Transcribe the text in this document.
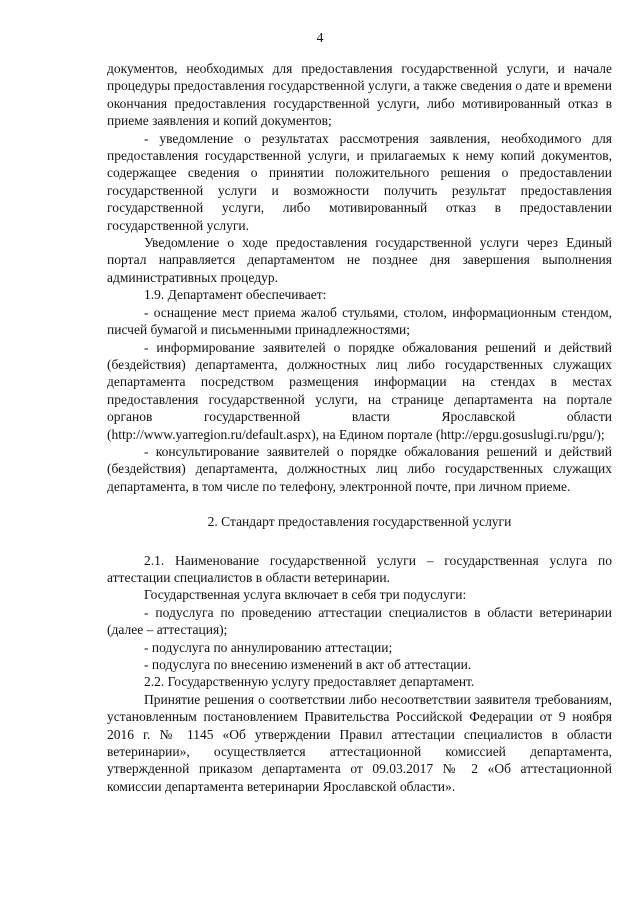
4

документов, необходимых для предоставления государственной услуги, и начале процедуры предоставления государственной услуги, а также сведения о дате и времени окончания предоставления государственной услуги, либо мотивированный отказ в приеме заявления и копий документов;

- уведомление о результатах рассмотрения заявления, необходимого для предоставления государственной услуги, и прилагаемых к нему копий документов, содержащее сведения о принятии положительного решения о предоставлении государственной услуги и возможности получить результат предоставления государственной услуги, либо мотивированный отказ в предоставлении государственной услуги.

Уведомление о ходе предоставления государственной услуги через Единый портал направляется департаментом не позднее дня завершения выполнения административных процедур.

1.9. Департамент обеспечивает:

- оснащение мест приема жалоб стульями, столом, информационным стендом, писчей бумагой и письменными принадлежностями;

- информирование заявителей о порядке обжалования решений и действий (бездействия) департамента, должностных лиц либо государственных служащих департамента посредством размещения информации на стендах в местах предоставления государственной услуги, на странице департамента на портале органов государственной власти Ярославской области (http://www.yarregion.ru/default.aspx), на Едином портале (http://epgu.gosuslugi.ru/pgu/);

- консультирование заявителей о порядке обжалования решений и действий (бездействия) департамента, должностных лиц либо государственных служащих департамента, в том числе по телефону, электронной почте, при личном приеме.

2. Стандарт предоставления государственной услуги

2.1. Наименование государственной услуги – государственная услуга по аттестации специалистов в области ветеринарии.

Государственная услуга включает в себя три подуслуги:

- подуслуга по проведению аттестации специалистов в области ветеринарии (далее – аттестация);

- подуслуга по аннулированию аттестации;

- подуслуга по внесению изменений в акт об аттестации.

2.2. Государственную услугу предоставляет департамент.

Принятие решения о соответствии либо несоответствии заявителя требованиям, установленным постановлением Правительства Российской Федерации от 9 ноября 2016 г. № 1145 «Об утверждении Правил аттестации специалистов в области ветеринарии», осуществляется аттестационной комиссией департамента, утвержденной приказом департамента от 09.03.2017 № 2 «Об аттестационной комиссии департамента ветеринарии Ярославской области».
